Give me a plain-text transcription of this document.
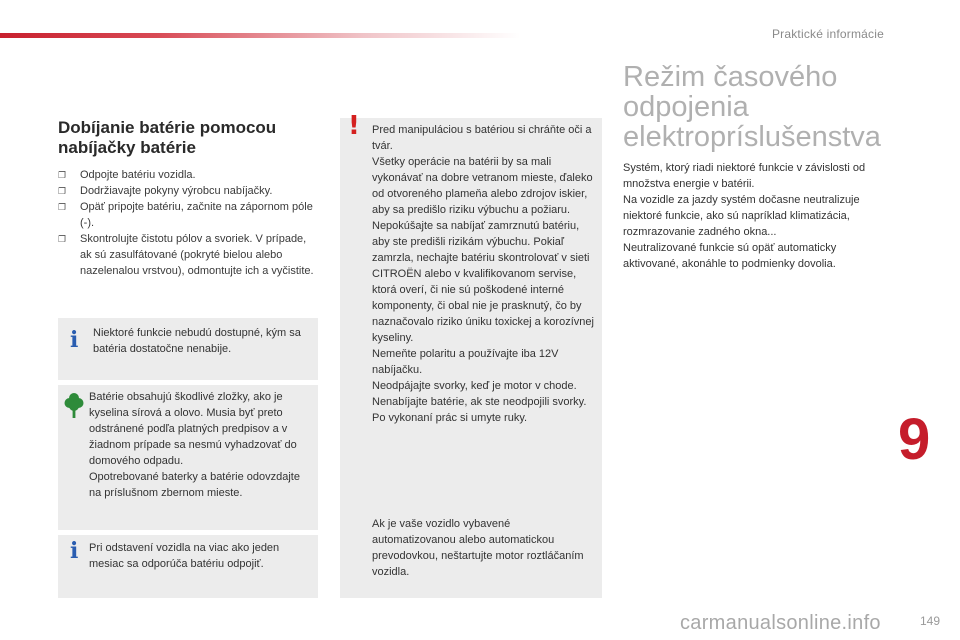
Praktické informácie
Dobíjanie batérie pomocou nabíjačky batérie
❐ Odpojte batériu vozidla.
❐ Dodržiavajte pokyny výrobcu nabíjačky.
❐ Opäť pripojte batériu, začnite na zápornom póle (-).
❐ Skontrolujte čistotu pólov a svoriek. V prípade, ak sú zasulfátované (pokryté bielou alebo nazelenalou vrstvou), odmontujte ich a vyčistite.
i Niektoré funkcie nebudú dostupné, kým sa batéria dostatočne nenabije.
Batérie obsahujú škodlivé zložky, ako je kyselina sírová a olovo. Musia byť preto odstránené podľa platných predpisov a v žiadnom prípade sa nesmú vyhadzovať do domového odpadu.
Opotrebované baterky a batérie odovzdajte na príslušnom zbernom mieste.
i Pri odstavení vozidla na viac ako jeden mesiac sa odporúča batériu odpojiť.
! Pred manipuláciou s batériou si chráňte oči a tvár.
Všetky operácie na batérii by sa mali vykonávať na dobre vetranom mieste, ďaleko od otvoreného plameňa alebo zdrojov iskier, aby sa predišlo riziku výbuchu a požiaru.
Nepokúšajte sa nabíjať zamrznutú batériu, aby ste predišli rizikám výbuchu. Pokiaľ zamrzla, nechajte batériu skontrolovať v sieti CITROËN alebo v kvalifikovanom servise, ktorá overí, či nie sú poškodené interné komponenty, či obal nie je prasknutý, čo by naznačovalo riziko úniku toxickej a korozívnej kyseliny.
Nemeňte polaritu a používajte iba 12V nabíjačku.
Neodpájajte svorky, keď je motor v chode.
Nenabíjajte batérie, ak ste neodpojili svorky.
Po vykonaní prác si umyte ruky.
Ak je vaše vozidlo vybavené automatizovanou alebo automatickou prevodovkou, neštartujte motor roztláčaním vozidla.
Režim časového odpojenia elektropríslušenstva
Systém, ktorý riadi niektoré funkcie v závislosti od množstva energie v batérii.
Na vozidle za jazdy systém dočasne neutralizuje niektoré funkcie, ako sú napríklad klimatizácia, rozmrazovanie zadného okna...
Neutralizované funkcie sú opäť automaticky aktivované, akonáhle to podmienky dovolia.
9
carmanualsonline.info	149
